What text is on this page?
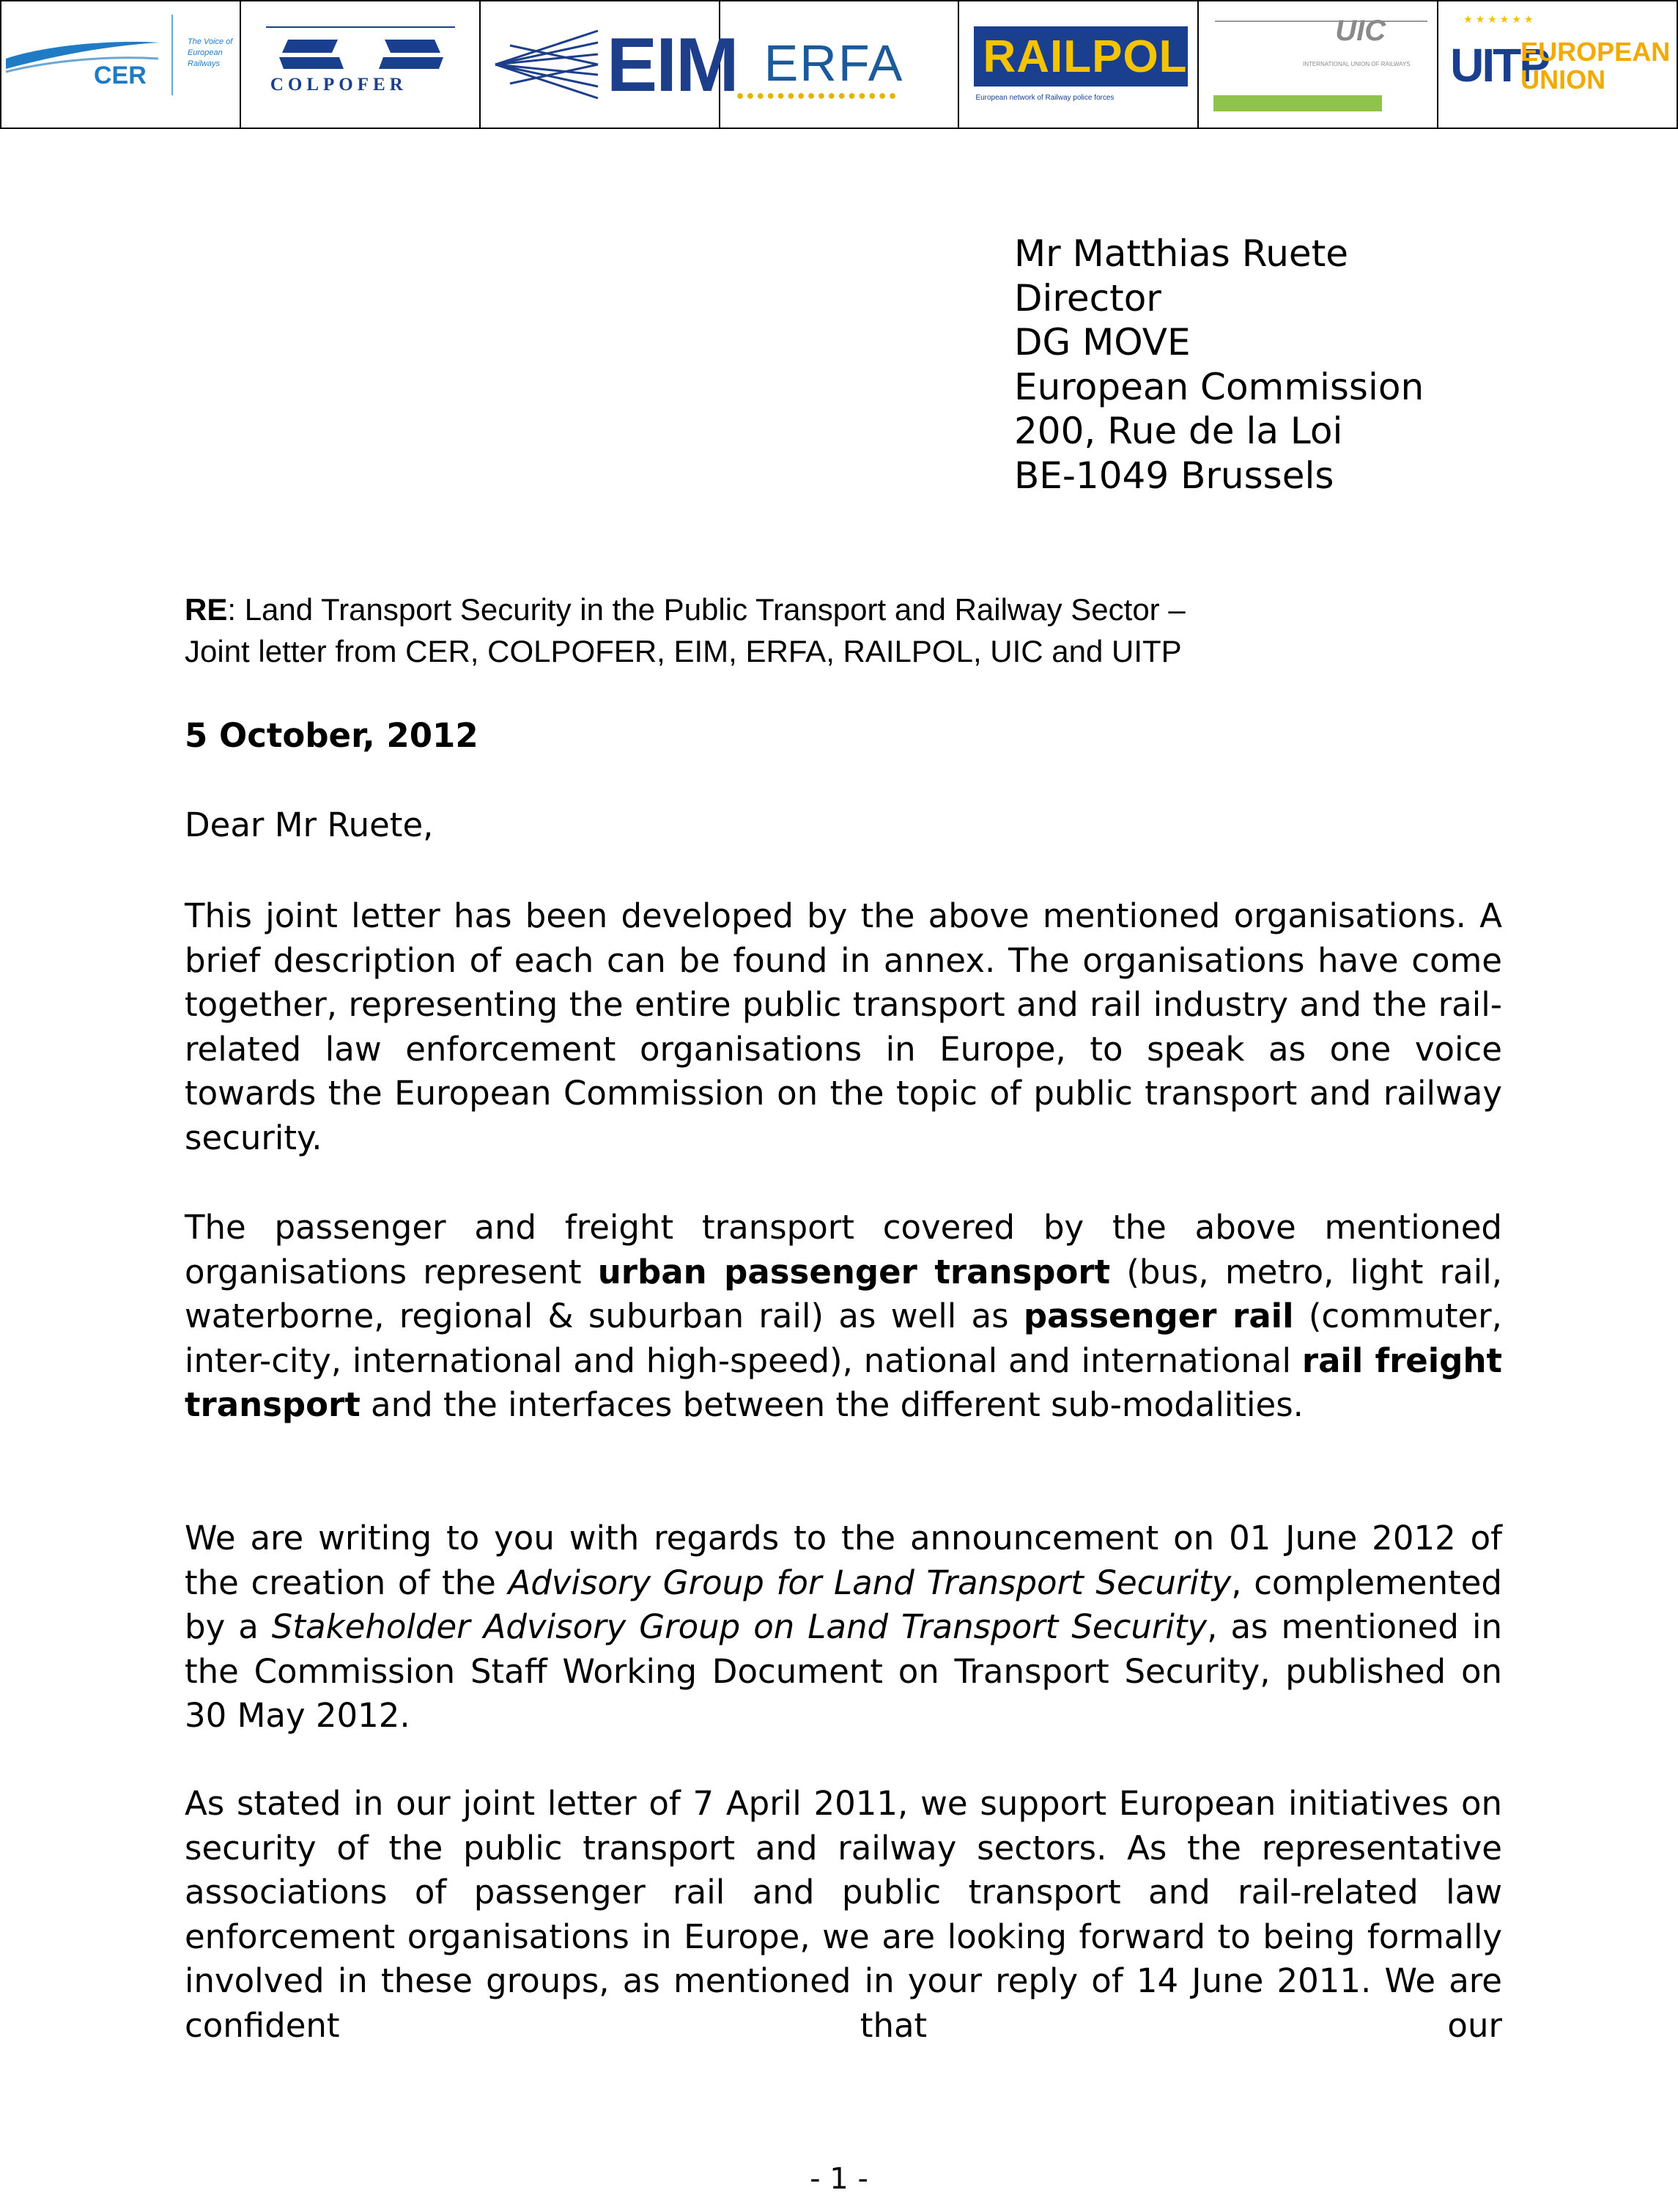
CER
The Voice of European Railways
COLPOFER	EIM ERFA
●●●●●●●●●●●●●●●●
RAILPOL
European network of Railway police forces
UIC
INTERNATIONAL UNION OF RAILWAYS
★★★★★★
UITP
EUROPEAN UNION
Mr Matthias Ruete
Director
DG MOVE
European Commission
200, Rue de la Loi
BE-1049 Brussels
RE: Land Transport Security in the Public Transport and Railway Sector –
Joint letter from CER, COLPOFER, EIM, ERFA, RAILPOL, UIC and UITP
5 October, 2012
Dear Mr Ruete,

This joint letter has been developed by the above mentioned organisations. A brief description of each can be found in annex. The organisations have come together, representing the entire public transport and rail industry and the rail-related law enforcement organisations in Europe, to speak as one voice towards the European Commission on the topic of public transport and railway security.

The passenger and freight transport covered by the above mentioned organisations represent urban passenger transport (bus, metro, light rail, waterborne, regional & suburban rail) as well as passenger rail (commuter, inter-city, international and high-speed), national and international rail freight transport and the interfaces between the different sub-modalities.

We are writing to you with regards to the announcement on 01 June 2012 of the creation of the Advisory Group for Land Transport Security, complemented by a Stakeholder Advisory Group on Land Transport Security, as mentioned in the Commission Staff Working Document on Transport Security, published on 30 May 2012.

As stated in our joint letter of 7 April 2011, we support European initiatives on security of the public transport and railway sectors. As the representative associations of passenger rail and public transport and rail-related law enforcement organisations in Europe, we are looking forward to being formally involved in these groups, as mentioned in your reply of 14 June 2011. We are confident that our

- 1 -
